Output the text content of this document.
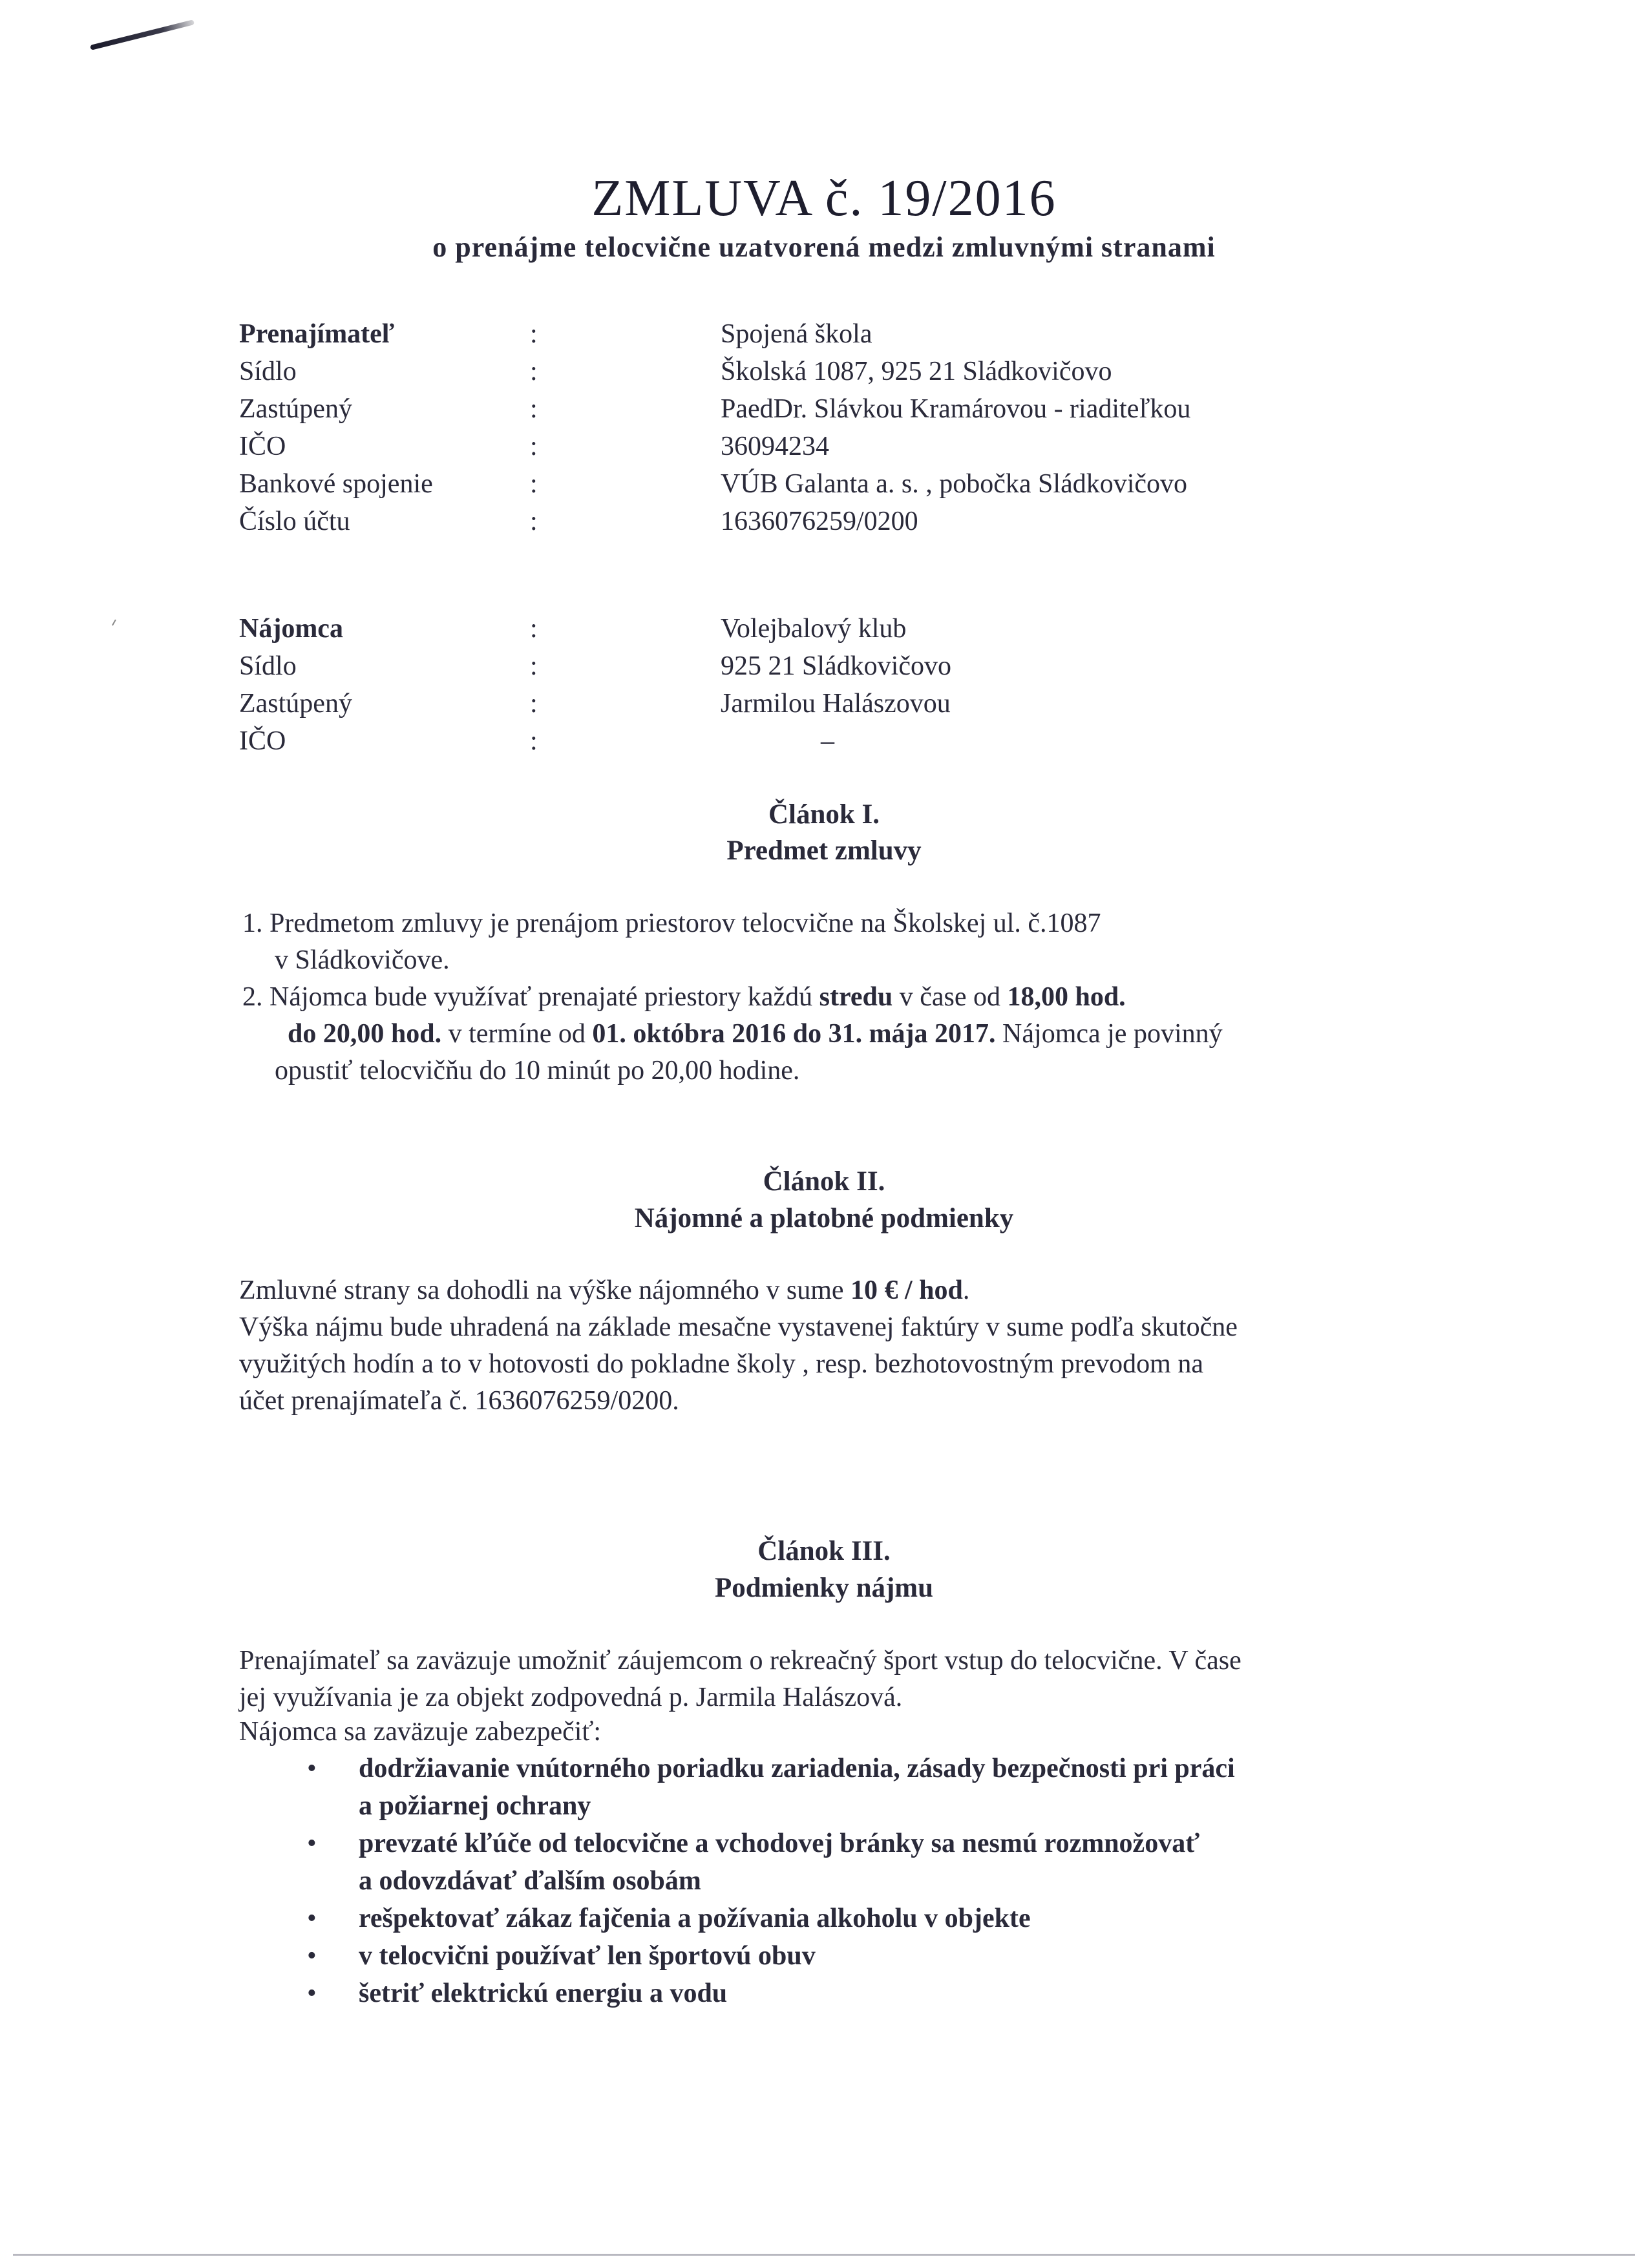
ZMLUVA č. 19/2016
o prenájme telocvične uzatvorená medzi zmluvnými stranami
Prenajímateľ	:	Spojená škola
Sídlo	:	Školská 1087, 925 21 Sládkovičovo
Zastúpený	:	PaedDr. Slávkou Kramárovou - riaditeľkou
IČO	:	36094234
Bankové spojenie	:	VÚB Galanta a. s. , pobočka Sládkovičovo
Číslo účtu	:	1636076259/0200
Nájomca	:	Volejbalový klub
Sídlo	:	925 21 Sládkovičovo
Zastúpený	:	Jarmilou Halászovou
IČO	:	–
Článok I.
Predmet zmluvy
1. Predmetom zmluvy je prenájom priestorov telocvične na Školskej ul. č.1087
v Sládkovičove.
2. Nájomca bude využívať prenajaté priestory každú stredu v čase od 18,00 hod.
do 20,00 hod. v termíne od 01. októbra 2016 do 31. mája 2017. Nájomca je povinný
opustiť telocvičňu do 10 minút po 20,00 hodine.
Článok II.
Nájomné a platobné podmienky
Zmluvné strany sa dohodli na výške nájomného v sume 10 € / hod.
Výška nájmu bude uhradená na základe mesačne vystavenej faktúry v sume podľa skutočne
využitých hodín a to v hotovosti do pokladne školy , resp. bezhotovostným prevodom na
účet prenajímateľa č. 1636076259/0200.
Článok III.
Podmienky nájmu
Prenajímateľ sa zaväzuje umožniť záujemcom o rekreačný šport vstup do telocvične. V čase
jej využívania je za objekt zodpovedná p. Jarmila Halászová.
Nájomca sa zaväzuje zabezpečiť:
• dodržiavanie vnútorného poriadku zariadenia, zásady bezpečnosti pri práci
a požiarnej ochrany
• prevzaté kľúče od telocvične a vchodovej bránky sa nesmú rozmnožovať
a odovzdávať ďalším osobám
• rešpektovať zákaz fajčenia a požívania alkoholu v objekte
• v telocvični používať len športovú obuv
• šetriť elektrickú energiu a vodu
